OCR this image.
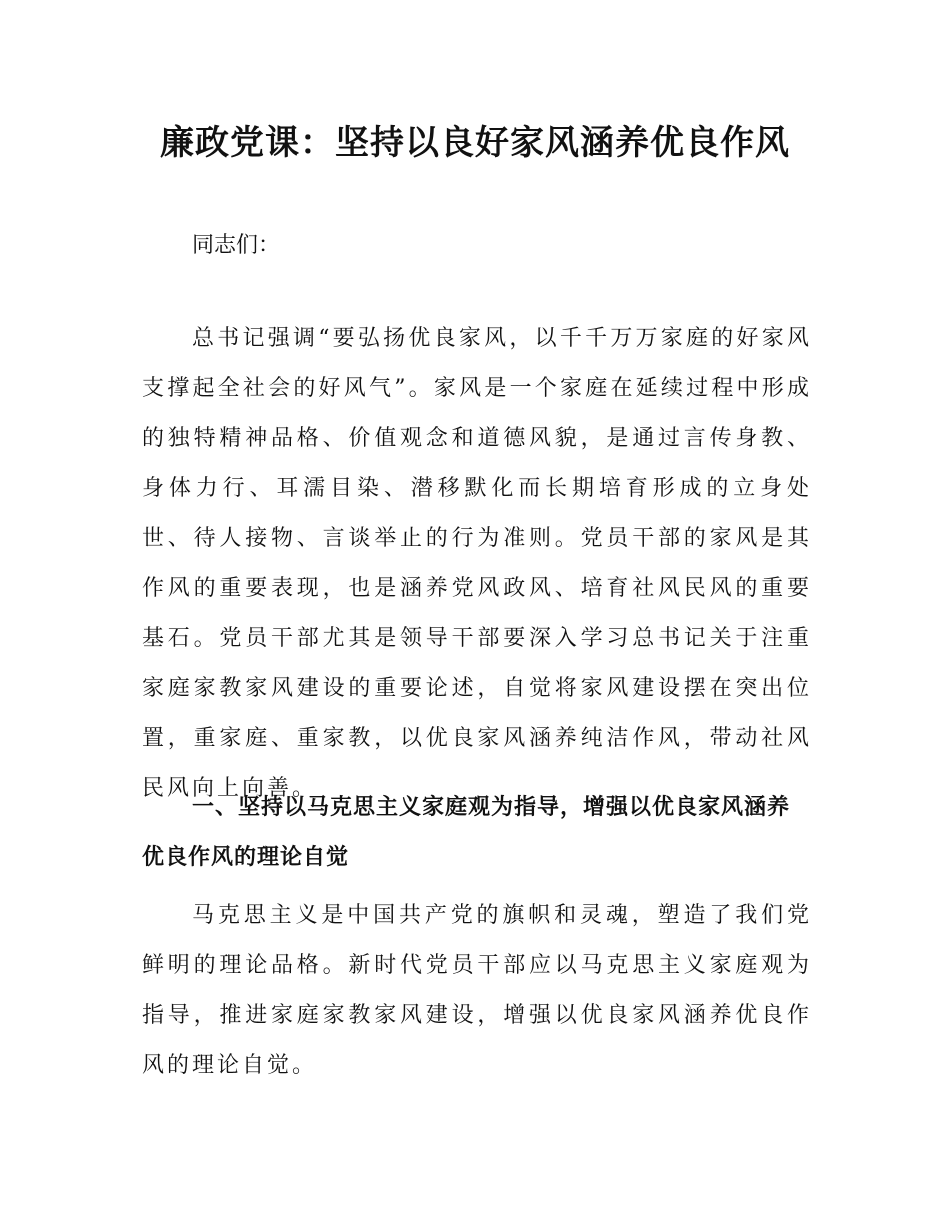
廉政党课：坚持以良好家风涵养优良作风

同志们：

总书记强调“要弘扬优良家风，以千千万万家庭的好家风支撑起全社会的好风气”。家风是一个家庭在延续过程中形成的独特精神品格、价值观念和道德风貌，是通过言传身教、身体力行、耳濡目染、潜移默化而长期培育形成的立身处世、待人接物、言谈举止的行为准则。党员干部的家风是其作风的重要表现，也是涵养党风政风、培育社风民风的重要基石。党员干部尤其是领导干部要深入学习总书记关于注重家庭家教家风建设的重要论述，自觉将家风建设摆在突出位置，重家庭、重家教，以优良家风涵养纯洁作风，带动社风民风向上向善。

一、坚持以马克思主义家庭观为指导，增强以优良家风涵养优良作风的理论自觉

马克思主义是中国共产党的旗帜和灵魂，塑造了我们党鲜明的理论品格。新时代党员干部应以马克思主义家庭观为指导，推进家庭家教家风建设，增强以优良家风涵养优良作风的理论自觉。
